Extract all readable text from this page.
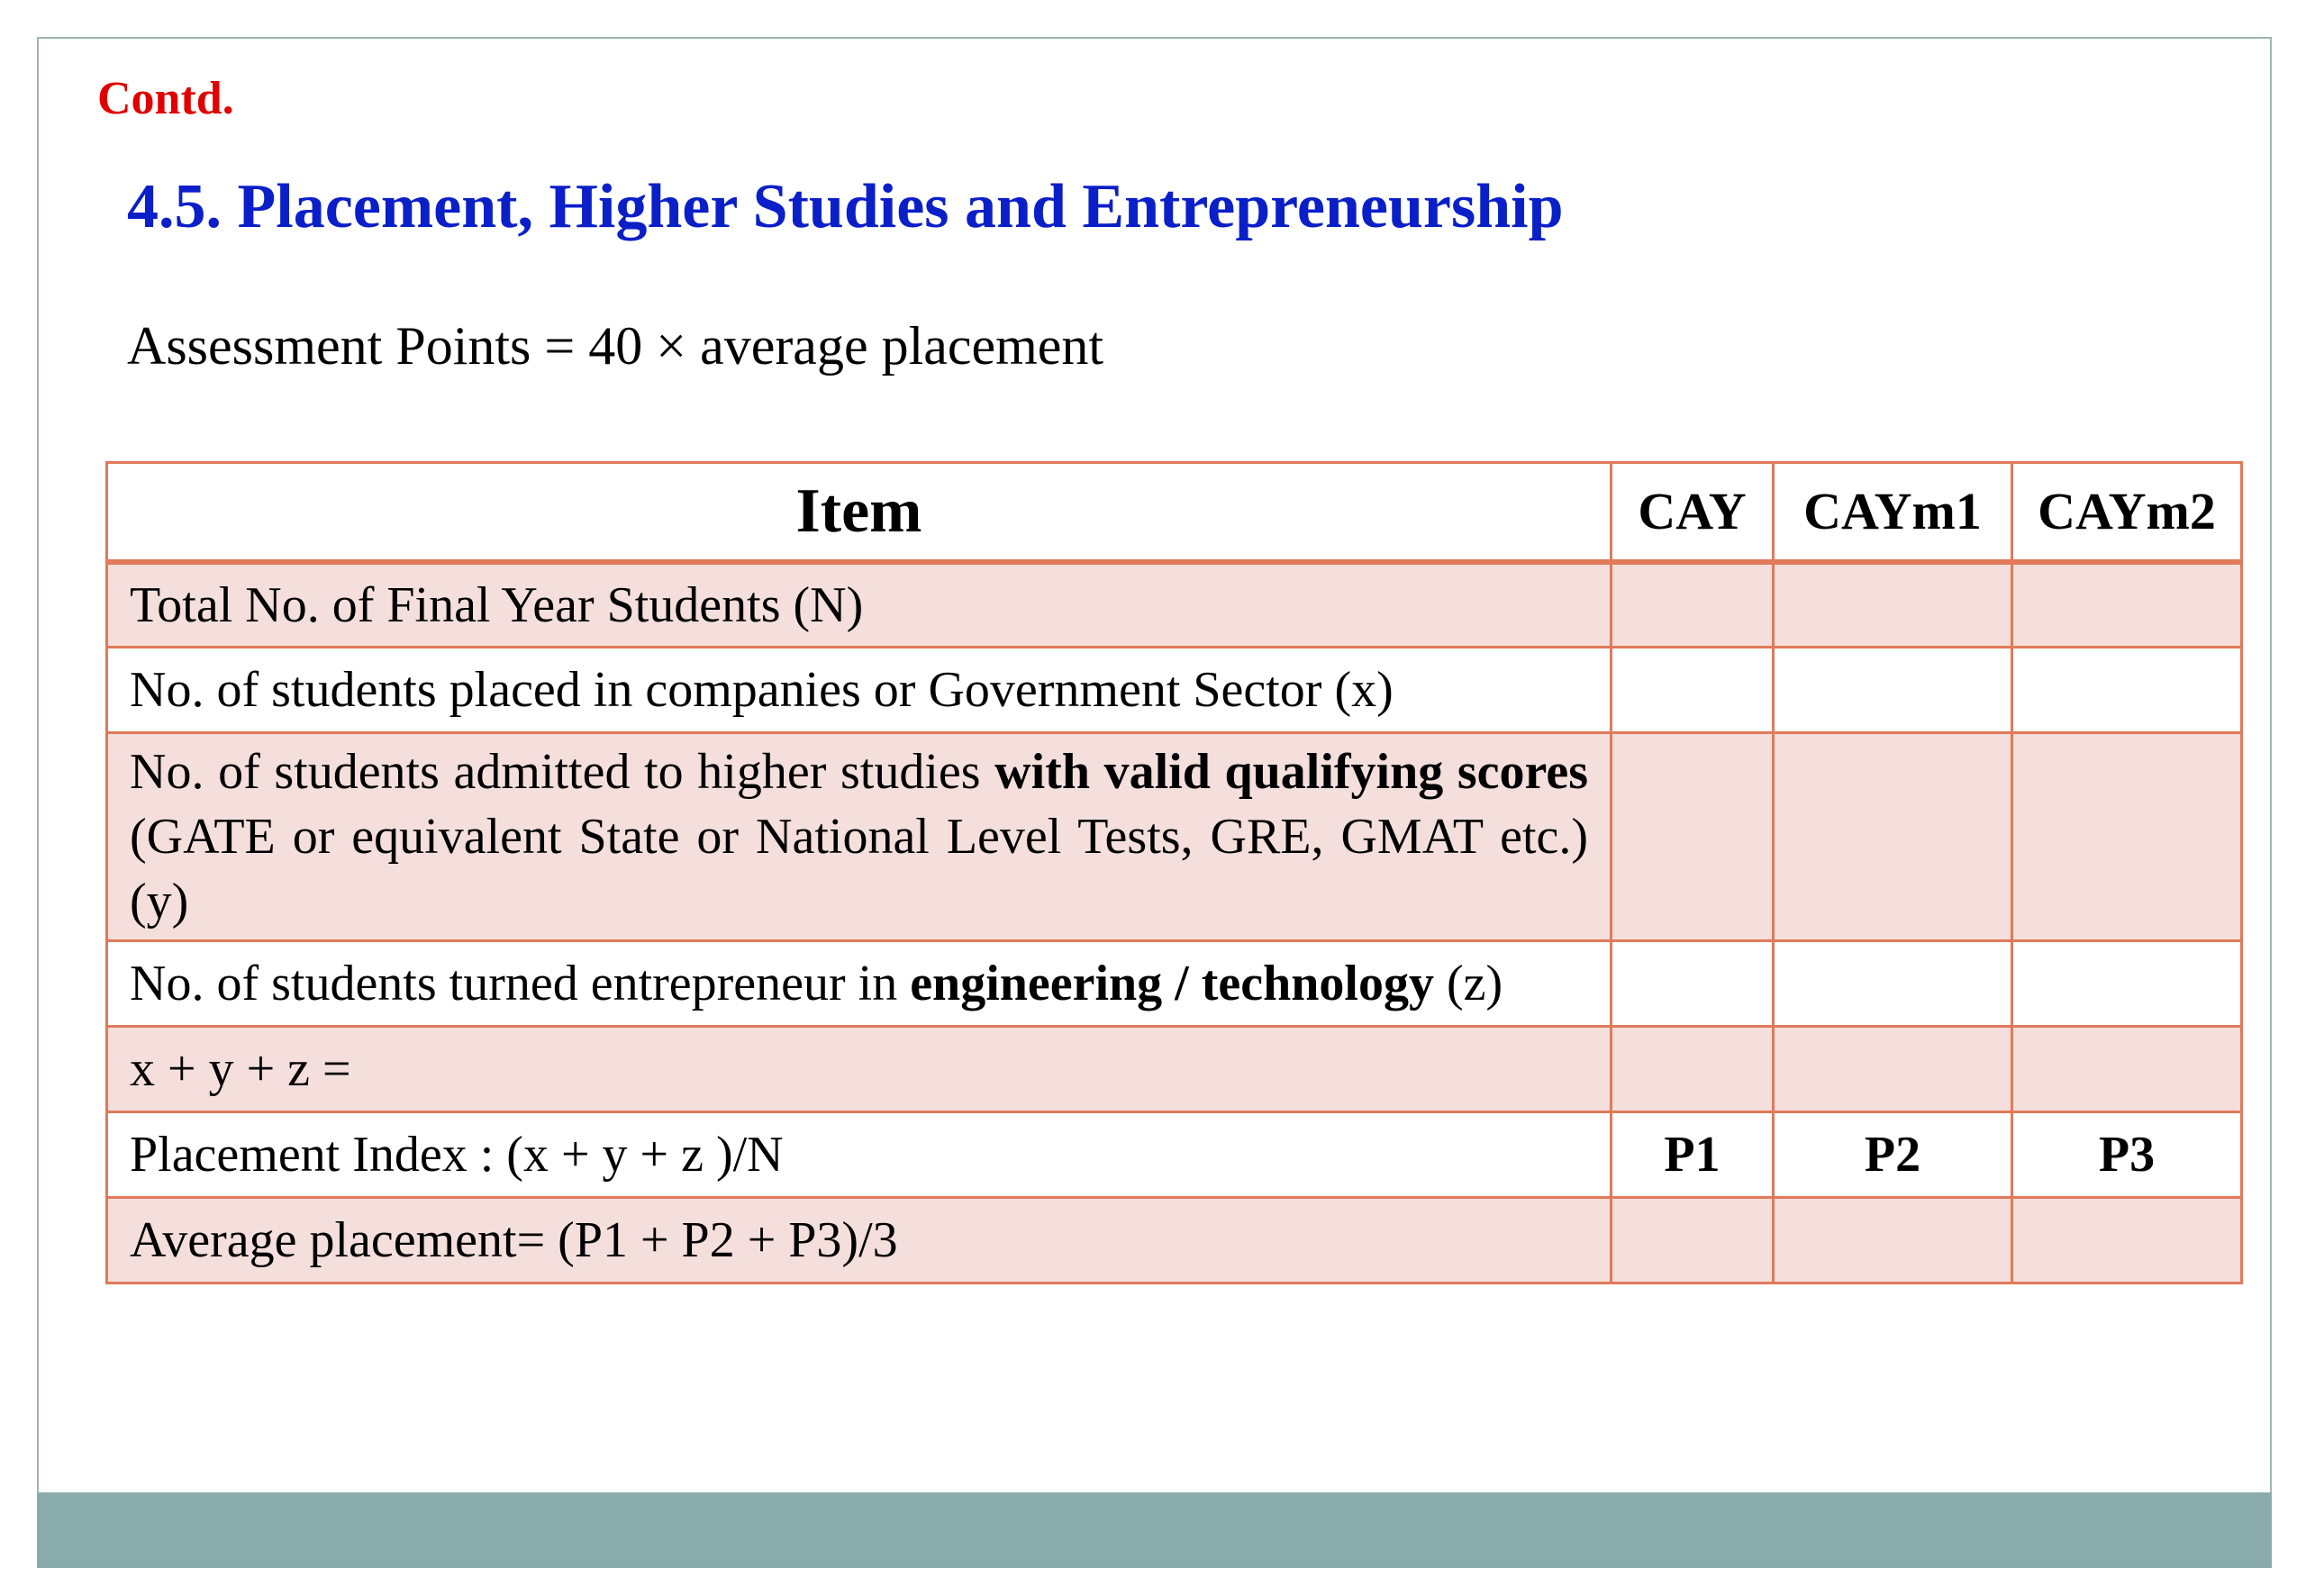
Contd.
4.5. Placement, Higher Studies and Entrepreneurship
Assessment Points = 40 × average placement
Item	CAY	CAYm1	CAYm2
Total No. of Final Year Students (N)			
No. of students placed in companies or Government Sector (x)			
No. of students admitted to higher studies with valid qualifying scores (GATE or equivalent State or National Level Tests, GRE, GMAT etc.) (y)			
No. of students turned entrepreneur in engineering / technology (z)			
x + y + z =			
Placement Index : (x + y + z )/N	P1	P2	P3
Average placement= (P1 + P2 + P3)/3			
